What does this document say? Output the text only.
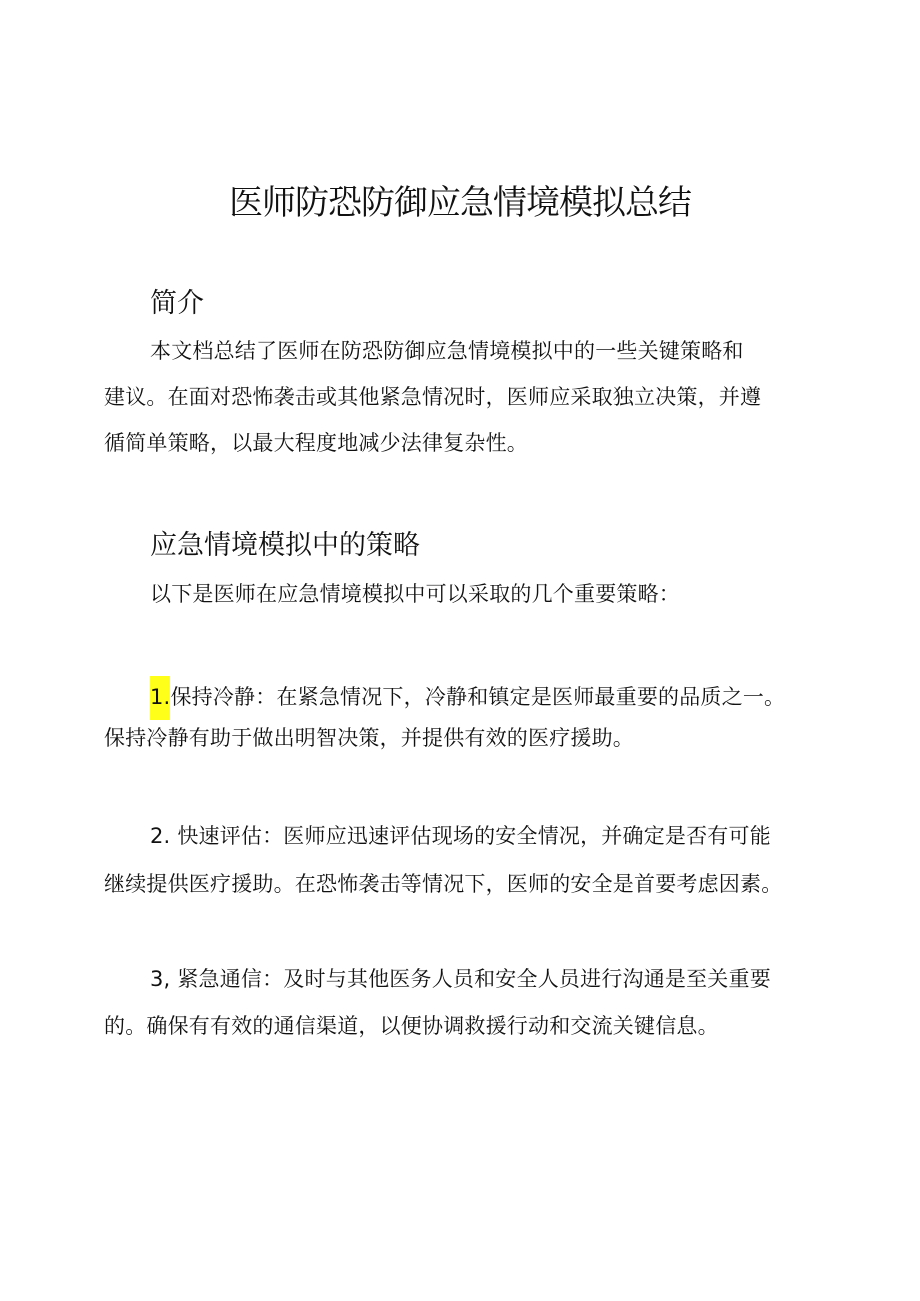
医师防恐防御应急情境模拟总结
简介
本文档总结了医师在防恐防御应急情境模拟中的一些关键策略和
建议。在面对恐怖袭击或其他紧急情况时，医师应采取独立决策，并遵
循简单策略，以最大程度地减少法律复杂性。
应急情境模拟中的策略
以下是医师在应急情境模拟中可以采取的几个重要策略：
1.保持冷静：在紧急情况下，冷静和镇定是医师最重要的品质之一。
保持冷静有助于做出明智决策，并提供有效的医疗援助。
2. 快速评估：医师应迅速评估现场的安全情况，并确定是否有可能
继续提供医疗援助。在恐怖袭击等情况下，医师的安全是首要考虑因素。
3, 紧急通信：及时与其他医务人员和安全人员进行沟通是至关重要
的。确保有有效的通信渠道，以便协调救援行动和交流关键信息。
